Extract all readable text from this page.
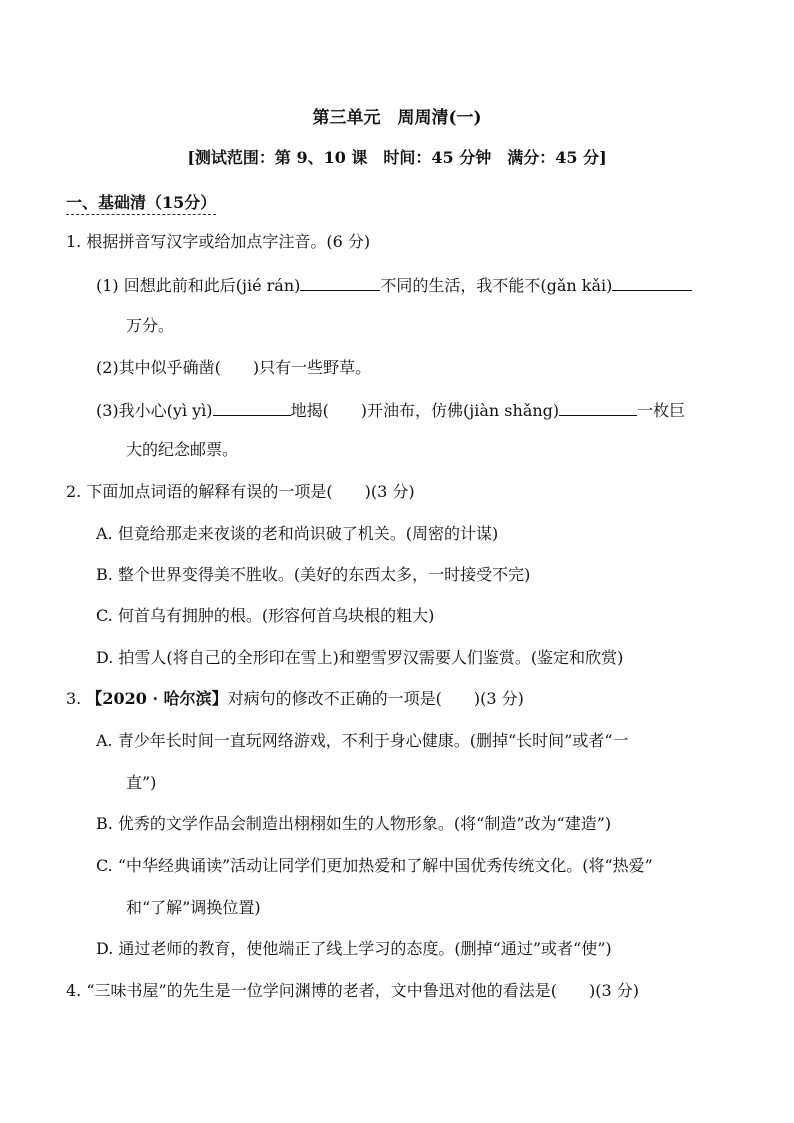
第三单元　周周清(一)
[测试范围：第 9、10 课　时间：45 分钟　满分：45 分]
一、基础清（15分）
1. 根据拼音写汉字或给加点字注音。(6 分)
(1) 回想此前和此后(jié rán)	不同的生活，我不能不(gǎn kǎi)
万分。
(2)其中似乎确凿(　　)只有一些野草。
(3)我小心(yì yì)	地揭(　　)开油布，仿佛(jiàn shǎng)	一枚巨
大的纪念邮票。
2. 下面加点词语的解释有误的一项是(　　)(3 分)
A. 但竟给那走来夜谈的老和尚识破了机关。(周密的计谋)
B. 整个世界变得美不胜收。(美好的东西太多，一时接受不完)
C. 何首乌有拥肿的根。(形容何首乌块根的粗大)
D. 拍雪人(将自己的全形印在雪上)和塑雪罗汉需要人们鉴赏。(鉴定和欣赏)
3. 【2020 · 哈尔滨】对病句的修改不正确的一项是(　　)(3 分)
A. 青少年长时间一直玩网络游戏，不利于身心健康。(删掉“长时间”或者“一
直”)
B. 优秀的文学作品会制造出栩栩如生的人物形象。(将“制造”改为“建造”)
C. “中华经典诵读”活动让同学们更加热爱和了解中国优秀传统文化。(将“热爱”
和“了解”调换位置)
D. 通过老师的教育，使他端正了线上学习的态度。(删掉“通过”或者“使”)
4. “三味书屋”的先生是一位学问渊博的老者，文中鲁迅对他的看法是(　　)(3 分)
